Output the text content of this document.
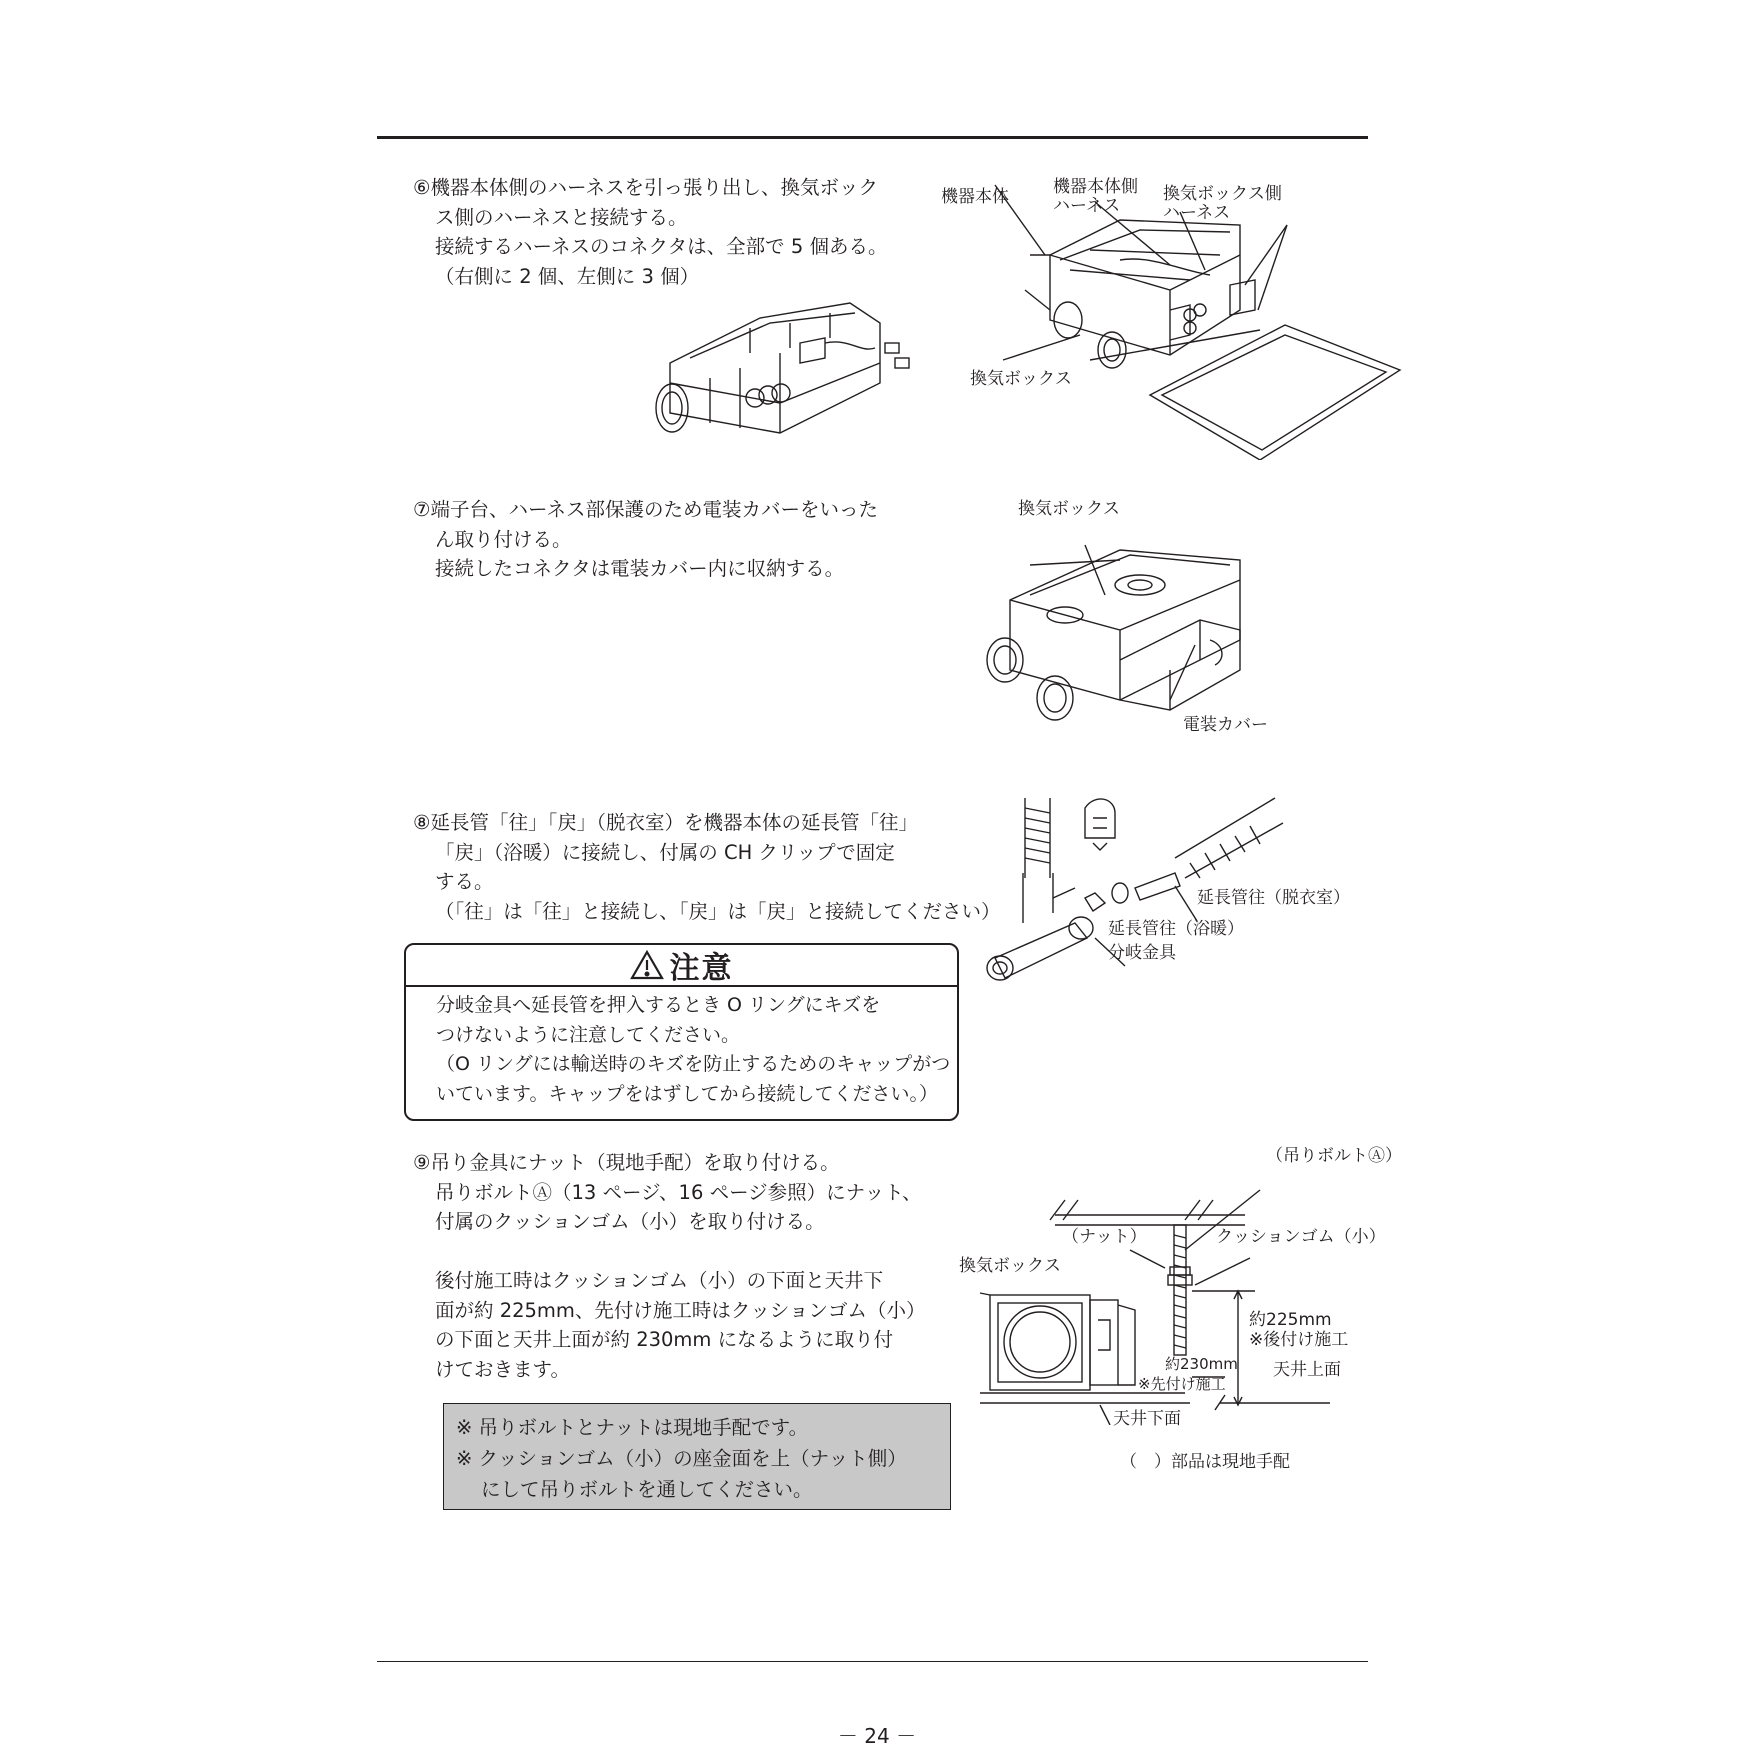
⑥機器本体側のハーネスを引っ張り出し、換気ボック

ス側のハーネスと接続する。

接続するハーネスのコネクタは、全部で 5 個ある。

（右側に 2 個、左側に 3 個）

機器本体	機器本体側
ハーネス
換気ボックス側
ハーネス
換気ボックス

⑦端子台、ハーネス部保護のため電装カバーをいった

ん取り付ける。

接続したコネクタは電装カバー内に収納する。

換気ボックス
電装カバー

⑧延長管「往」「戻」（脱衣室）を機器本体の延長管「往」

「戻」（浴暖）に接続し、付属の CH クリップで固定

する。

（「往」は「往」と接続し、「戻」は「戻」と接続してください）

延長管往（脱衣室）
延長管往（浴暖）
分岐金具
注意

分岐金具へ延長管を押入するとき O リングにキズを

つけないように注意してください。

（O リングには輸送時のキズを防止するためのキャップがつ

いています。キャップをはずしてから接続してください。）

⑨吊り金具にナット（現地手配）を取り付ける。

吊りボルトⒶ（13 ページ、16 ページ参照）にナット、

付属のクッションゴム（小）を取り付ける。

後付施工時はクッションゴム（小）の下面と天井下

面が約 225mm、先付け施工時はクッションゴム（小）

の下面と天井上面が約 230mm になるように取り付

けておきます。

※ 吊りボルトとナットは現地手配です。

※ クッションゴム（小）の座金面を上（ナット側）

にして吊りボルトを通してください。

（吊りボルトⒶ）
（ナット）	クッションゴム（小）
換気ボックス
約225mm
※後付け施工
約230mm
※先付け施工
天井上面
天井下面
（　）部品は現地手配
－ 24 －
